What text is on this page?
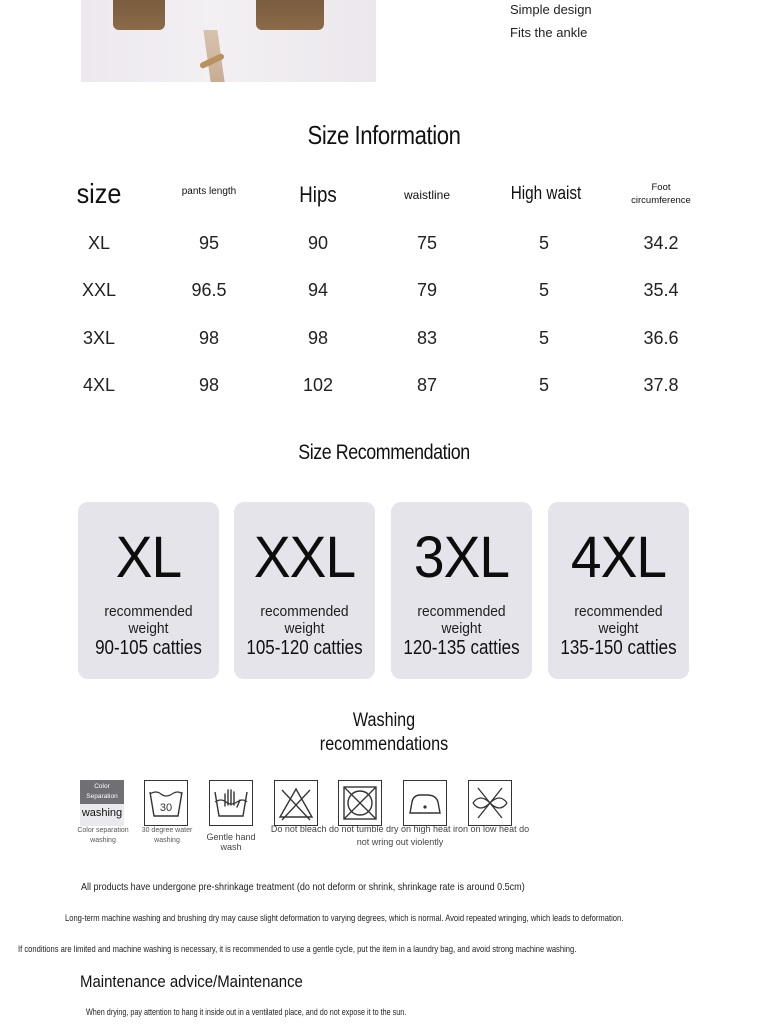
Simple design
Fits the ankle
Size Information
size	pants length	Hips	waistline	High waist	Foot circumference
XL	95	90	75	5	34.2
XXL	96.5	94	79	5	35.4
3XL	98	98	83	5	36.6
4XL	98	102	87	5	37.8
Size Recommendation
XL
recommended weight
90-105 catties
XXL
recommended weight
105-120 catties
3XL
recommended weight
120-135 catties
4XL
recommended weight
135-150 catties
Washing
recommendations
Color Separation
washing	30
Color separation washing
30 degree water washing	Gentle hand wash
Do not bleach do not tumble dry on high heat iron on low heat do not wring out violently
All products have undergone pre-shrinkage treatment (do not deform or shrink, shrinkage rate is around 0.5cm)
Long-term machine washing and brushing dry may cause slight deformation to varying degrees, which is normal. Avoid repeated wringing, which leads to deformation.
If conditions are limited and machine washing is necessary, it is recommended to use a gentle cycle, put the item in a laundry bag, and avoid strong machine washing.
Maintenance advice/Maintenance
When drying, pay attention to hang it inside out in a ventilated place, and do not expose it to the sun.
